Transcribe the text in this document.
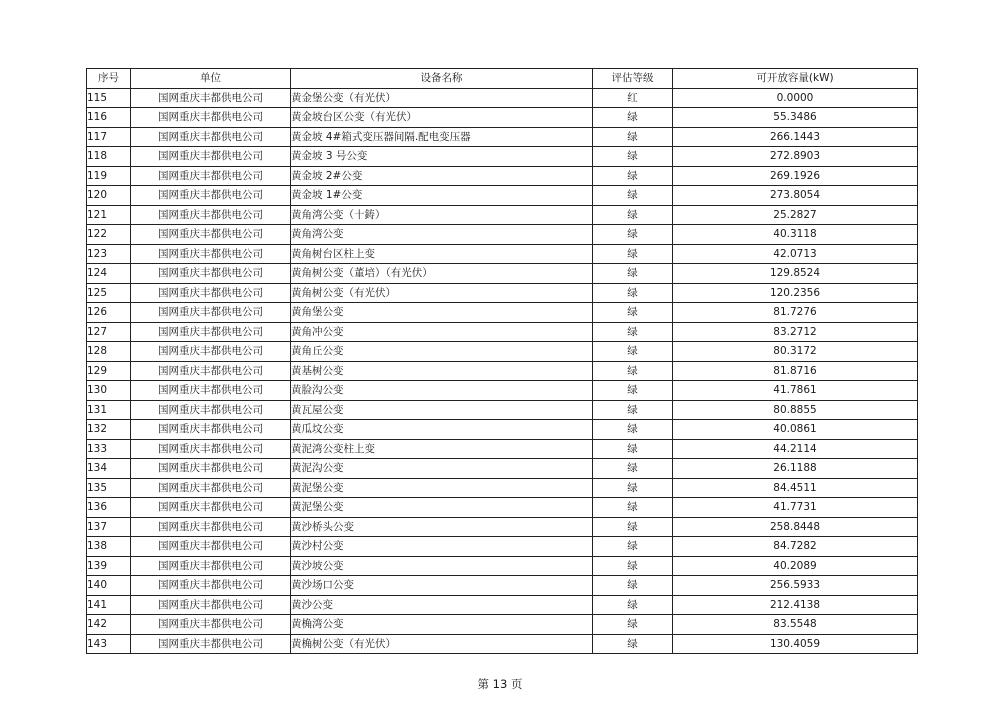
序号	单位	设备名称	评估等级	可开放容量(kW)
115	国网重庆丰都供电公司	黄金堡公变（有光伏）	红	0.0000
116	国网重庆丰都供电公司	黄金坡台区公变（有光伏）	绿	55.3486
117	国网重庆丰都供电公司	黄金坡 4#箱式变压器间隔.配电变压器	绿	266.1443
118	国网重庆丰都供电公司	黄金坡 3 号公变	绿	272.8903
119	国网重庆丰都供电公司	黄金坡 2#公变	绿	269.1926
120	国网重庆丰都供电公司	黄金坡 1#公变	绿	273.8054
121	国网重庆丰都供电公司	黄角湾公变（十鋳）	绿	25.2827
122	国网重庆丰都供电公司	黄角湾公变	绿	40.3118
123	国网重庆丰都供电公司	黄角树台区柱上变	绿	42.0713
124	国网重庆丰都供电公司	黄角树公变（董培）（有光伏）	绿	129.8524
125	国网重庆丰都供电公司	黄角树公变（有光伏）	绿	120.2356
126	国网重庆丰都供电公司	黄角堡公变	绿	81.7276
127	国网重庆丰都供电公司	黄角冲公变	绿	83.2712
128	国网重庆丰都供电公司	黄角丘公变	绿	80.3172
129	国网重庆丰都供电公司	黄基树公变	绿	81.8716
130	国网重庆丰都供电公司	黄脸沟公变	绿	41.7861
131	国网重庆丰都供电公司	黄瓦屋公变	绿	80.8855
132	国网重庆丰都供电公司	黄瓜坟公变	绿	40.0861
133	国网重庆丰都供电公司	黄泥湾公变柱上变	绿	44.2114
134	国网重庆丰都供电公司	黄泥沟公变	绿	26.1188
135	国网重庆丰都供电公司	黄泥堡公变	绿	84.4511
136	国网重庆丰都供电公司	黄泥堡公变	绿	41.7731
137	国网重庆丰都供电公司	黄沙桥头公变	绿	258.8448
138	国网重庆丰都供电公司	黄沙村公变	绿	84.7282
139	国网重庆丰都供电公司	黄沙坡公变	绿	40.2089
140	国网重庆丰都供电公司	黄沙场口公变	绿	256.5933
141	国网重庆丰都供电公司	黄沙公变	绿	212.4138
142	国网重庆丰都供电公司	黄桷湾公变	绿	83.5548
143	国网重庆丰都供电公司	黄桷树公变（有光伏）	绿	130.4059
第 13 页
